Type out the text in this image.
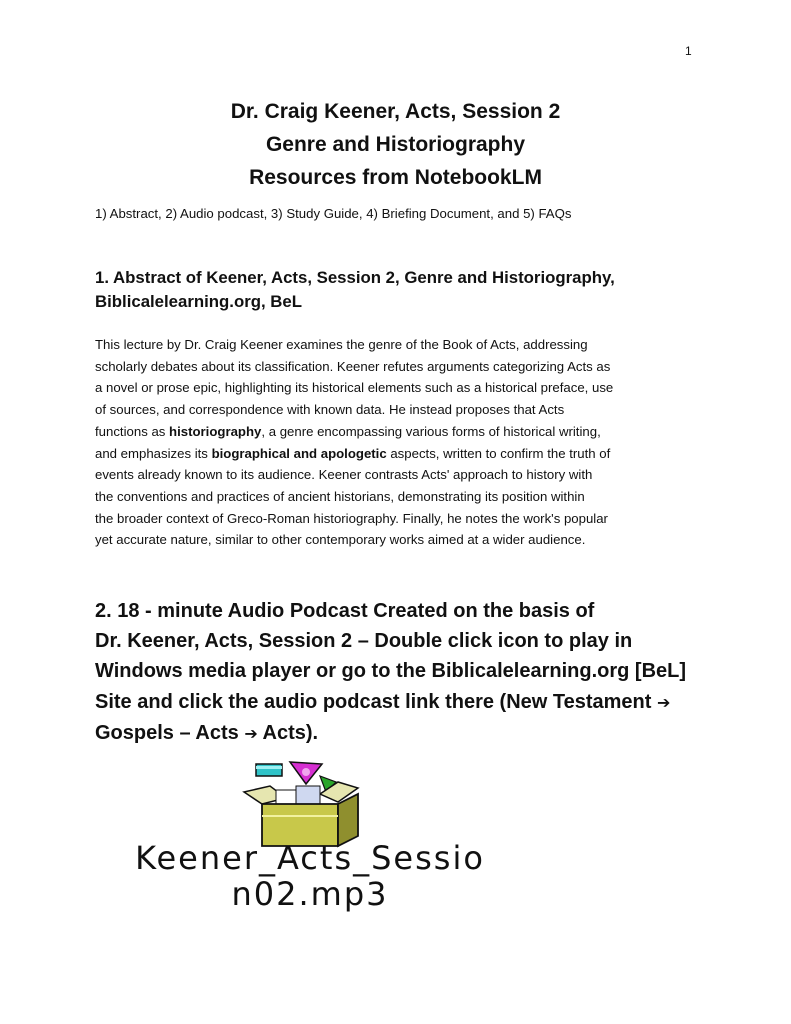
1
Dr. Craig Keener, Acts, Session 2
Genre and Historiography
Resources from NotebookLM
1) Abstract, 2) Audio podcast, 3) Study Guide, 4) Briefing Document, and 5) FAQs
1. Abstract of Keener, Acts, Session 2, Genre and Historiography,
Biblicalelearning.org, BeL
This lecture by Dr. Craig Keener examines the genre of the Book of Acts, addressing
scholarly debates about its classification. Keener refutes arguments categorizing Acts as
a novel or prose epic, highlighting its historical elements such as a historical preface, use
of sources, and correspondence with known data. He instead proposes that Acts
functions as historiography, a genre encompassing various forms of historical writing,
and emphasizes its biographical and apologetic aspects, written to confirm the truth of
events already known to its audience. Keener contrasts Acts' approach to history with
the conventions and practices of ancient historians, demonstrating its position within
the broader context of Greco-Roman historiography. Finally, he notes the work's popular
yet accurate nature, similar to other contemporary works aimed at a wider audience.
2. 18 - minute Audio Podcast Created on the basis of
Dr. Keener, Acts, Session 2 – Double click icon to play in
Windows media player or go to the Biblicalelearning.org [BeL]
Site and click the audio podcast link there (New Testament ➔
Gospels – Acts ➔ Acts).
Keener_Acts_Sessio
n02.mp3
